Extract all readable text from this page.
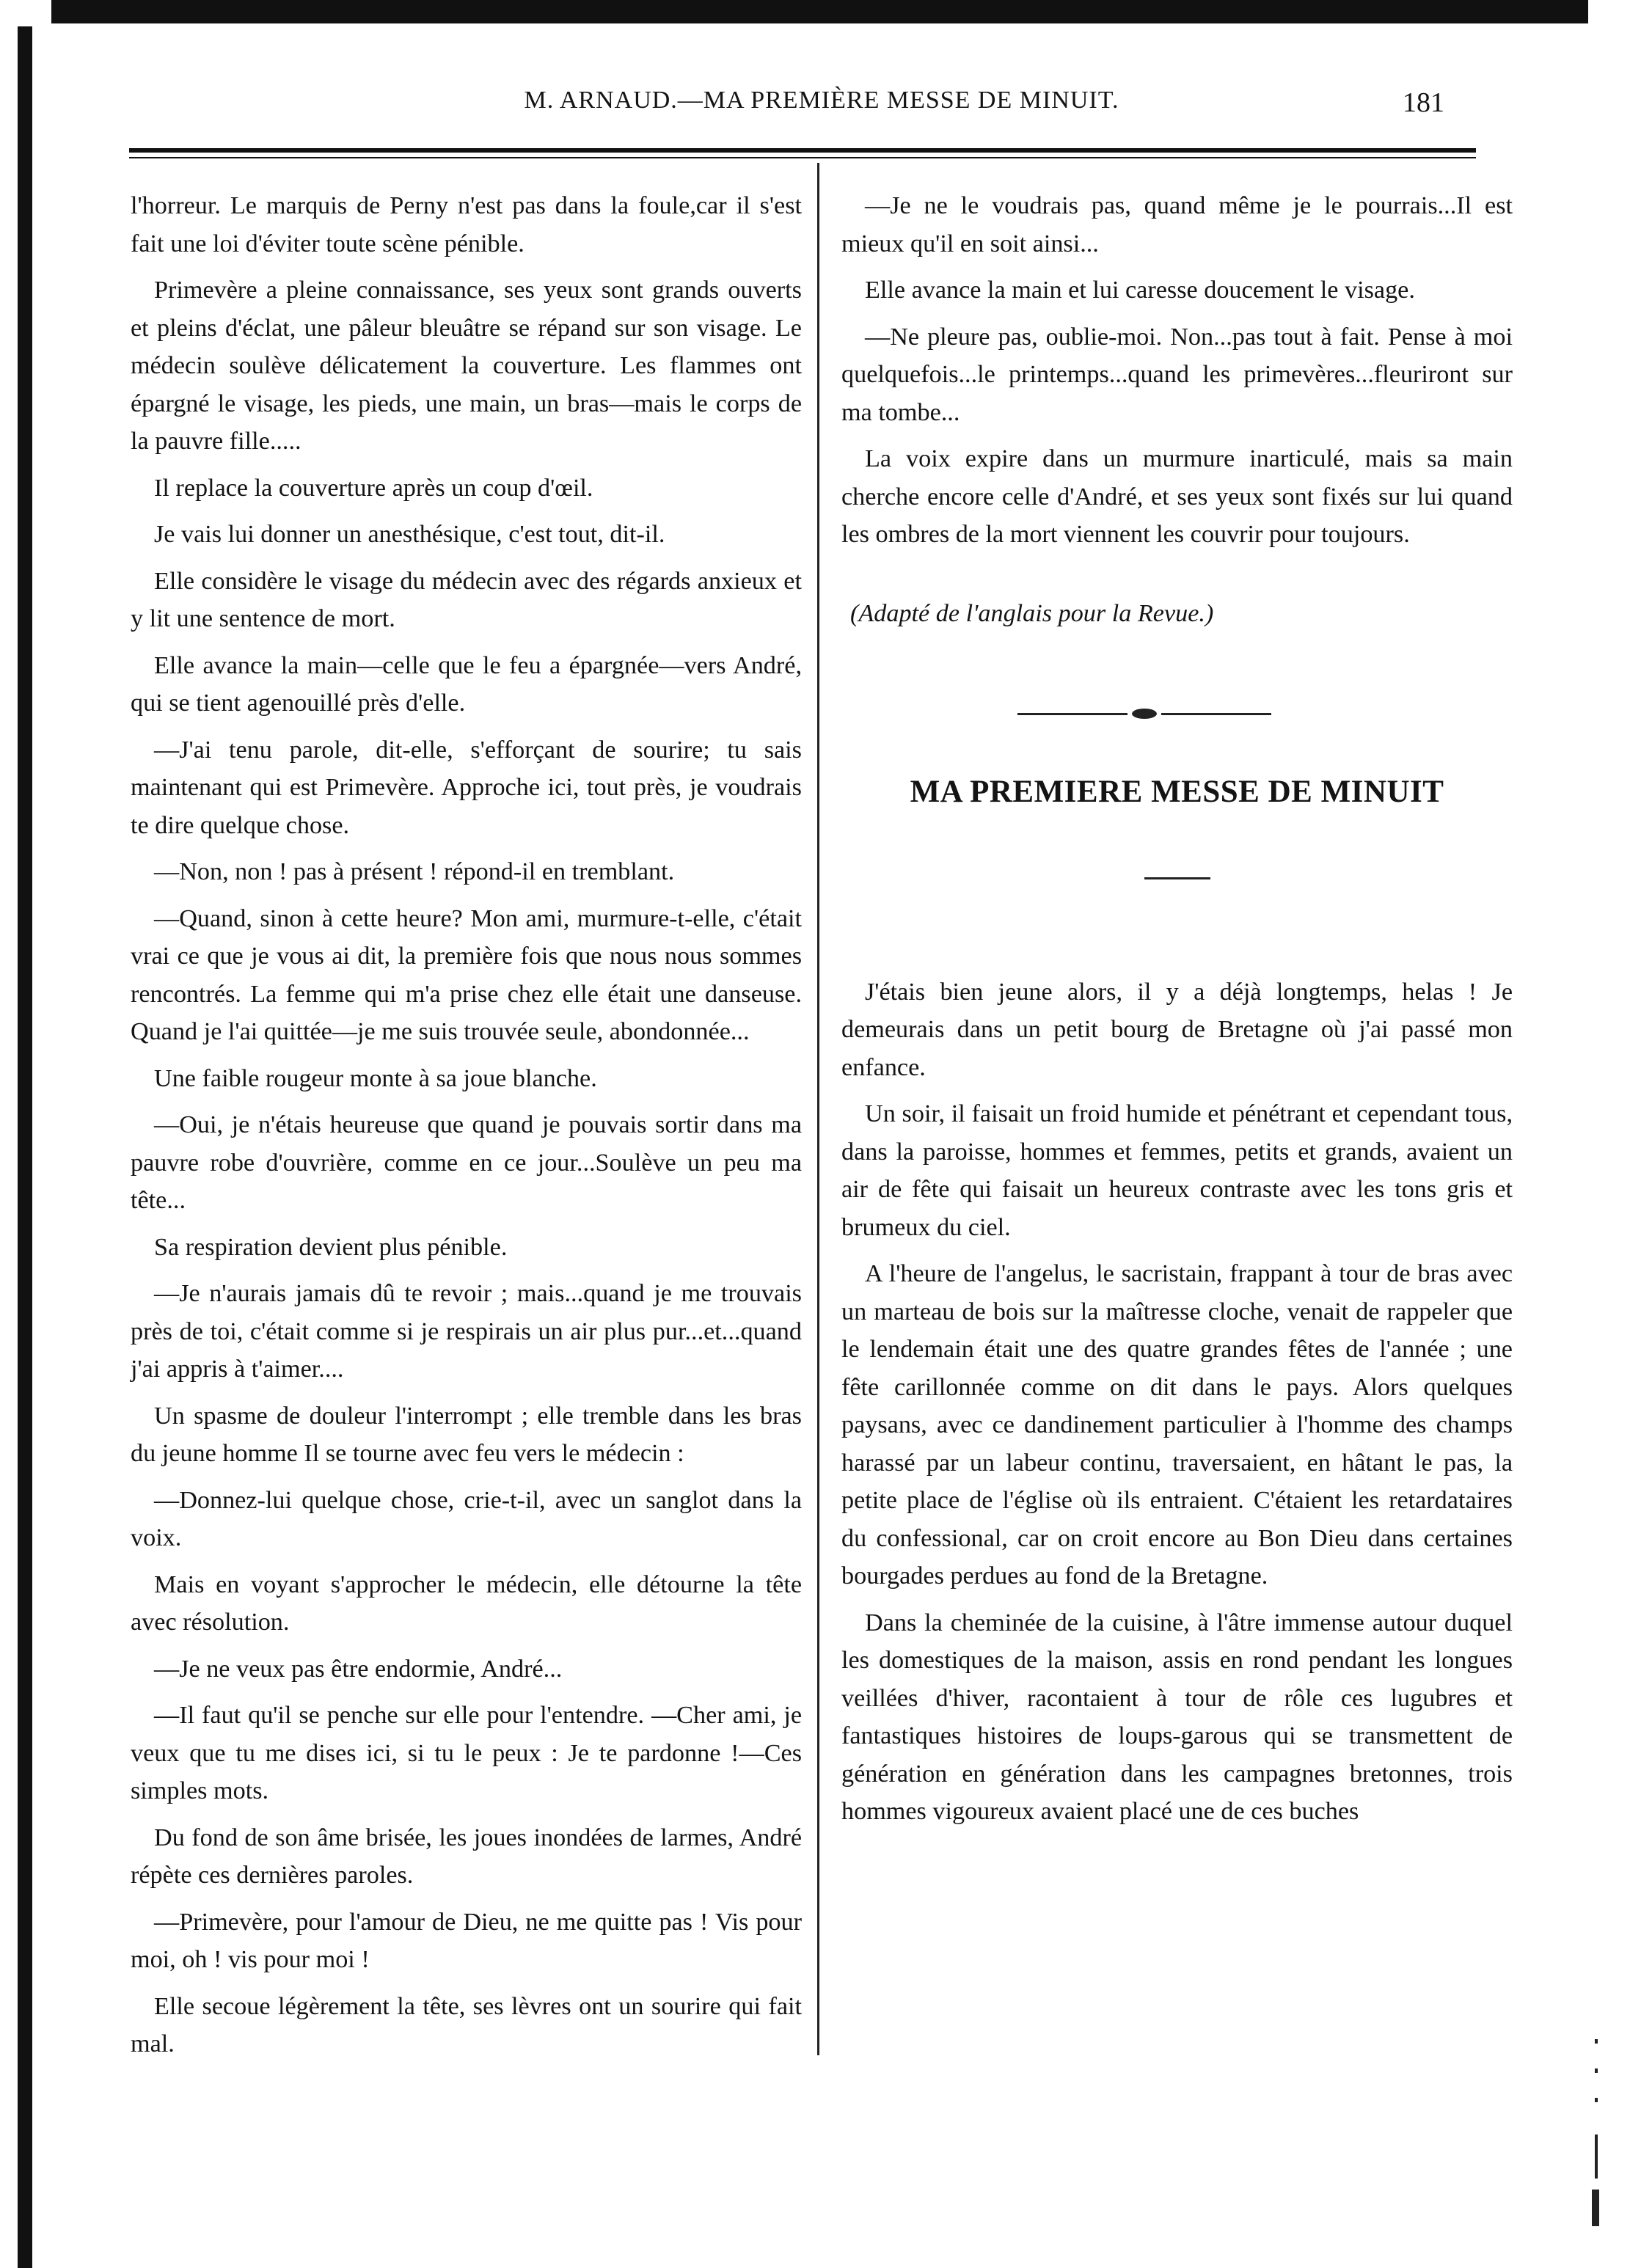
M. ARNAUD.—MA PREMIÈRE MESSE DE MINUIT.	181

l'horreur. Le marquis de Perny n'est pas dans la foule,car il s'est fait une loi d'éviter toute scène pénible.

Primevère a pleine connaissance, ses yeux sont grands ouverts et pleins d'éclat, une pâleur bleuâtre se répand sur son visage. Le médecin soulève délicatement la couverture. Les flammes ont épargné le visage, les pieds, une main, un bras—mais le corps de la pauvre fille.....

Il replace la couverture après un coup d'œil.

Je vais lui donner un anesthésique, c'est tout, dit-il.

Elle considère le visage du médecin avec des régards anxieux et y lit une sentence de mort.

Elle avance la main—celle que le feu a épargnée—vers André, qui se tient agenouillé près d'elle.

—J'ai tenu parole, dit-elle, s'efforçant de sourire; tu sais maintenant qui est Primevère. Approche ici, tout près, je voudrais te dire quelque chose.

—Non, non ! pas à présent ! répond-il en tremblant.

—Quand, sinon à cette heure? Mon ami, murmure-t-elle, c'était vrai ce que je vous ai dit, la première fois que nous nous sommes rencontrés. La femme qui m'a prise chez elle était une danseuse. Quand je l'ai quittée—je me suis trouvée seule, abondonnée...

Une faible rougeur monte à sa joue blanche.

—Oui, je n'étais heureuse que quand je pouvais sortir dans ma pauvre robe d'ouvrière, comme en ce jour...Soulève un peu ma tête...

Sa respiration devient plus pénible.

—Je n'aurais jamais dû te revoir ; mais...quand je me trouvais près de toi, c'était comme si je respirais un air plus pur...et...quand j'ai appris à t'aimer....

Un spasme de douleur l'interrompt ; elle tremble dans les bras du jeune homme Il se tourne avec feu vers le médecin :

—Donnez-lui quelque chose, crie-t-il, avec un sanglot dans la voix.

Mais en voyant s'approcher le médecin, elle détourne la tête avec résolution.

—Je ne veux pas être endormie, André...

—Il faut qu'il se penche sur elle pour l'entendre. —Cher ami, je veux que tu me dises ici, si tu le peux : Je te pardonne !—Ces simples mots.

Du fond de son âme brisée, les joues inondées de larmes, André répète ces dernières paroles.

—Primevère, pour l'amour de Dieu, ne me quitte pas ! Vis pour moi, oh ! vis pour moi !

Elle secoue légèrement la tête, ses lèvres ont un sourire qui fait mal.

—Je ne le voudrais pas, quand même je le pourrais...Il est mieux qu'il en soit ainsi...

Elle avance la main et lui caresse doucement le visage.

—Ne pleure pas, oublie-moi. Non...pas tout à fait. Pense à moi quelquefois...le printemps...quand les primevères...fleuriront sur ma tombe...

La voix expire dans un murmure inarticulé, mais sa main cherche encore celle d'André, et ses yeux sont fixés sur lui quand les ombres de la mort viennent les couvrir pour toujours.

(Adapté de l'anglais pour la Revue.)

MA PREMIERE MESSE DE MINUIT

J'étais bien jeune alors, il y a déjà longtemps, helas ! Je demeurais dans un petit bourg de Bretagne où j'ai passé mon enfance.

Un soir, il faisait un froid humide et pénétrant et cependant tous, dans la paroisse, hommes et femmes, petits et grands, avaient un air de fête qui faisait un heureux contraste avec les tons gris et brumeux du ciel.

A l'heure de l'angelus, le sacristain, frappant à tour de bras avec un marteau de bois sur la maîtresse cloche, venait de rappeler que le lendemain était une des quatre grandes fêtes de l'année ; une fête carillonnée comme on dit dans le pays. Alors quelques paysans, avec ce dandinement particulier à l'homme des champs harassé par un labeur continu, traversaient, en hâtant le pas, la petite place de l'église où ils entraient. C'étaient les retardataires du confessional, car on croit encore au Bon Dieu dans certaines bourgades perdues au fond de la Bretagne.

Dans la cheminée de la cuisine, à l'âtre immense autour duquel les domestiques de la maison, assis en rond pendant les longues veillées d'hiver, racontaient à tour de rôle ces lugubres et fantastiques histoires de loups-garous qui se transmettent de génération en génération dans les campagnes bretonnes, trois hommes vigoureux avaient placé une de ces buches
